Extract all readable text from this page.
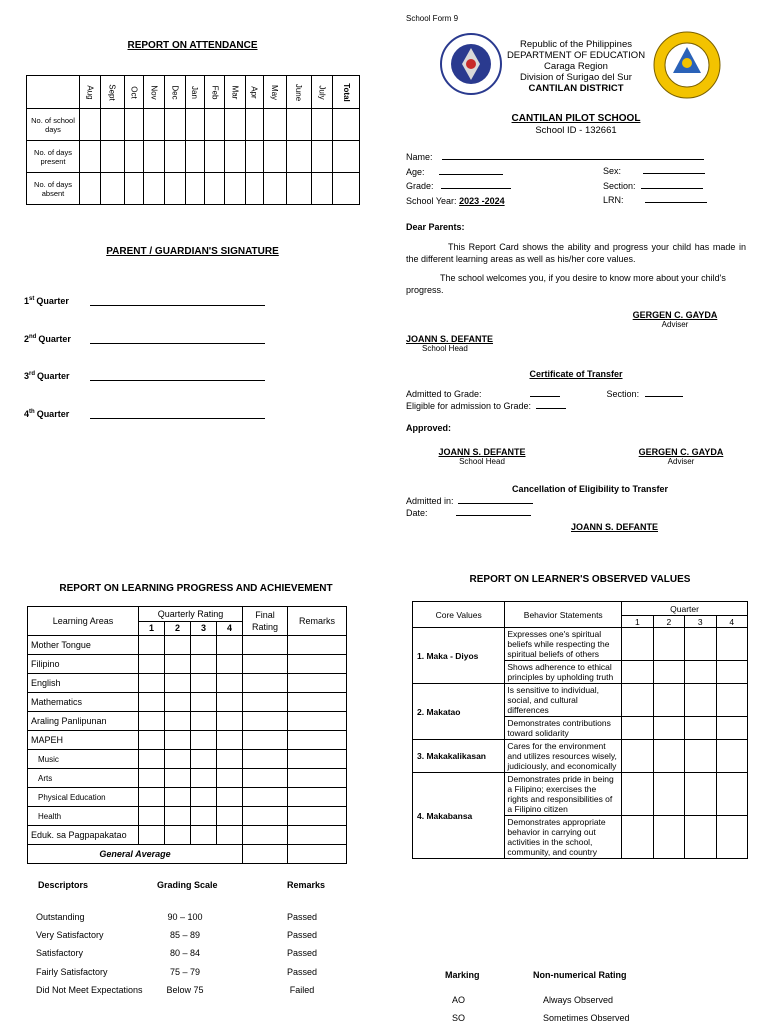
REPORT ON ATTENDANCE
	Aug	Sept	Oct	Nov	Dec	Jan	Feb	Mar	Apr	May	June	July	Total
No. of school days													
No. of days present													
No. of days absent													
PARENT / GUARDIAN'S SIGNATURE
1st Quarter
2nd Quarter
3rd Quarter
4th Quarter
School Form 9
Republic of the Philippines
DEPARTMENT OF EDUCATION
Caraga Region
Division of Surigao del Sur
CANTILAN DISTRICT
CANTILAN PILOT SCHOOL
School ID - 132661
Name:
Age:
Grade:
School Year: 2023 -2024
Sex:
Section:
LRN:
Dear Parents:
This Report Card shows the ability and progress your child has made in the different learning areas as well as his/her core values.
The school welcomes you, if you desire to know more about your child's progress.
GERGEN C. GAYDA
Adviser
JOANN S. DEFANTE
School Head
Certificate of Transfer
Admitted to Grade:	Section:
Eligible for admission to Grade:
Approved:
JOANN S. DEFANTE
School Head
GERGEN C. GAYDA
Adviser
Cancellation of Eligibility to Transfer
Admitted in:
Date:
JOANN S. DEFANTE
REPORT ON LEARNING PROGRESS AND ACHIEVEMENT
Learning Areas	Quarterly Rating				Final Rating	Remarks
	1	2	3	4		
Mother Tongue						
Filipino						
English						
Mathematics						
Araling Panlipunan						
MAPEH						
Music						
Arts						
Physical Education						
Health						
Eduk. sa Pagpapakatao						
General Average						
Descriptors	Grading Scale	Remarks
Outstanding	90 – 100	Passed
Very Satisfactory	85 – 89	Passed
Satisfactory	80 – 84	Passed
Fairly Satisfactory	75 – 79	Passed
Did Not Meet Expectations	Below 75	Failed
REPORT ON LEARNER'S OBSERVED VALUES
Core Values	Behavior Statements	Quarter			
		1	2	3	4
1. Maka - Diyos	Expresses one's spiritual beliefs while respecting the spiritual beliefs of others				
	Shows adherence to ethical principles by upholding truth				
2. Makatao	Is sensitive to individual, social, and cultural differences				
	Demonstrates contributions toward solidarity				
3. Makakalikasan	Cares for the environment and utilizes resources wisely, judiciously, and economically				
4. Makabansa	Demonstrates pride in being a Filipino; exercises the rights and responsibilities of a Filipino citizen				
	Demonstrates appropriate behavior in carrying out activities in the school, community, and country				
Marking	Non-numerical Rating
AO	Always Observed
SO	Sometimes Observed
